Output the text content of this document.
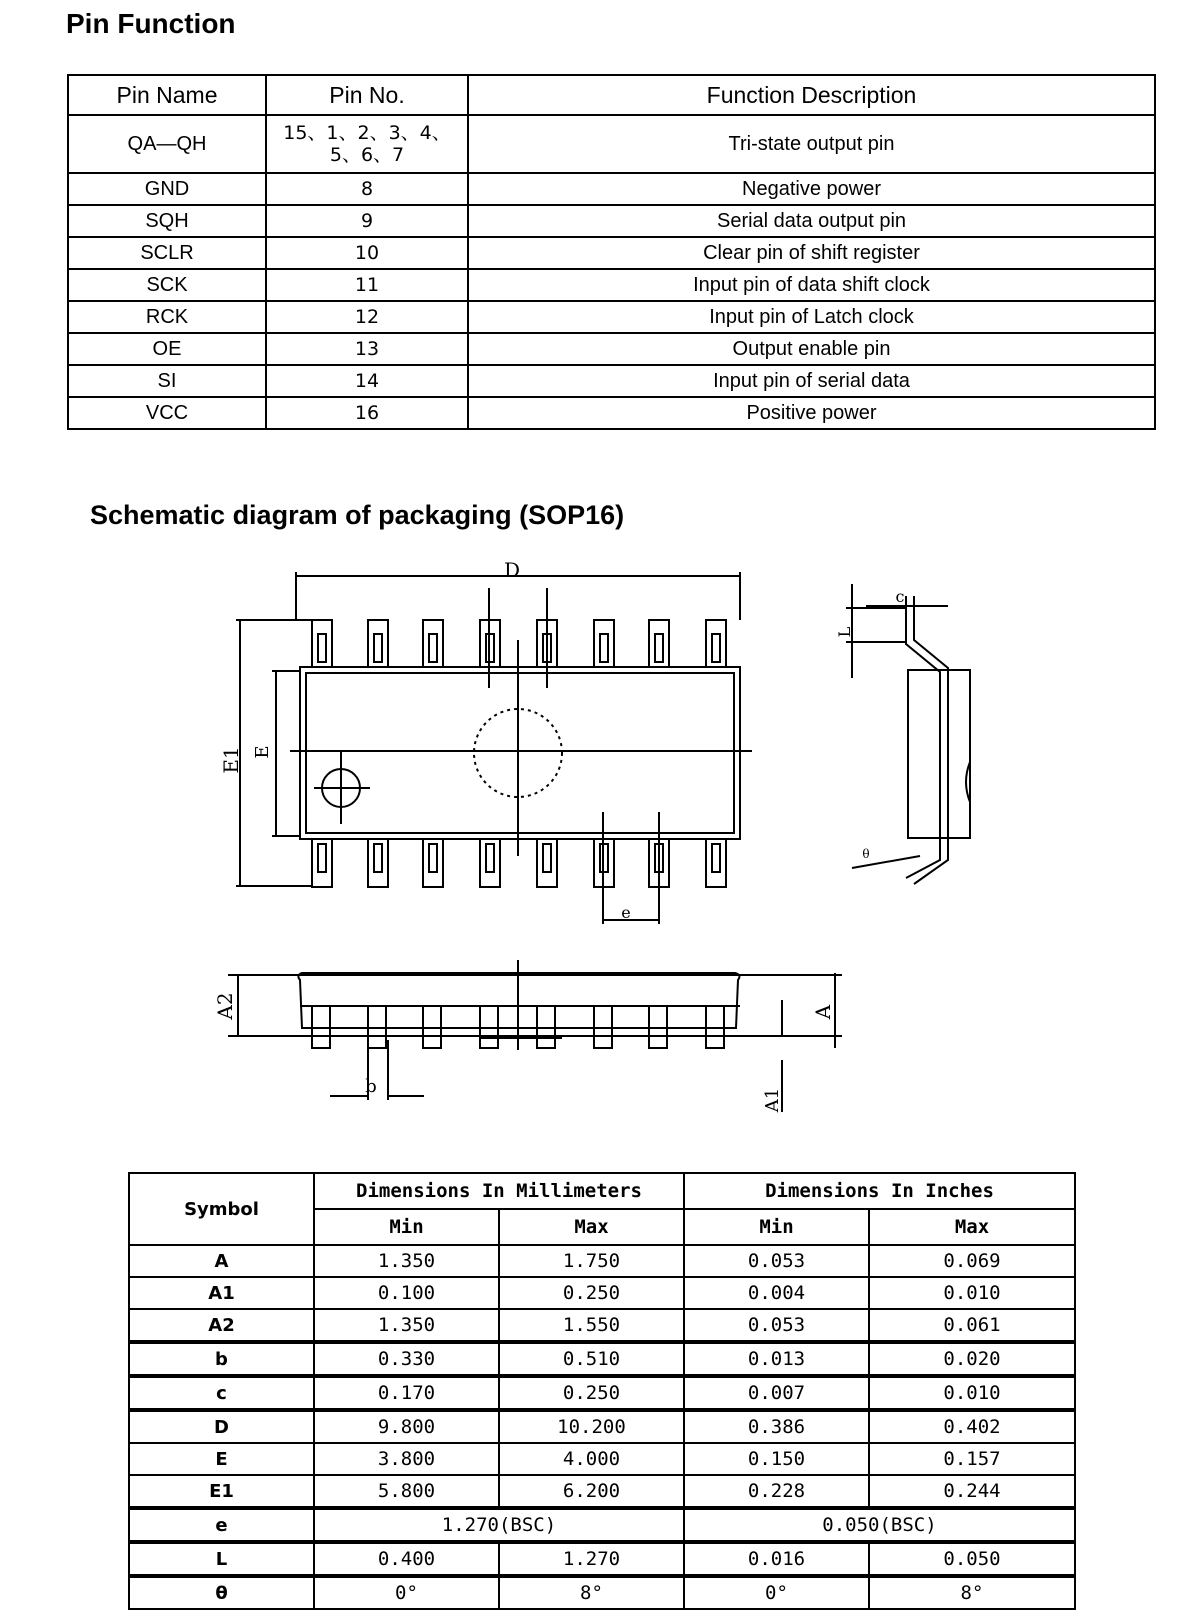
Pin Function
Pin Name	Pin No.	Function Description
QA—QH	15、1、2、3、4、5、6、7	Tri-state output pin
GND	8	Negative power
SQH	9	Serial data output pin
SCLR	10	Clear pin of shift register
SCK	11	Input pin of data shift clock
RCK	12	Input pin of Latch clock
OE	13	Output enable pin
SI	14	Input pin of serial data
VCC	16	Positive power
Schematic diagram of packaging (SOP16)
D
E1 E
e
c
L
θ
A2	A
A1
b
Symbol	Dimensions In Millimeters		Dimensions In Inches	
	Min	Max	Min	Max
A	1.350	1.750	0.053	0.069
A1	0.100	0.250	0.004	0.010
A2	1.350	1.550	0.053	0.061
b	0.330	0.510	0.013	0.020
c	0.170	0.250	0.007	0.010
D	9.800	10.200	0.386	0.402
E	3.800	4.000	0.150	0.157
E1	5.800	6.200	0.228	0.244
e	1.270(BSC)		0.050(BSC)	
L	0.400	1.270	0.016	0.050
θ	0°	8°	0°	8°
